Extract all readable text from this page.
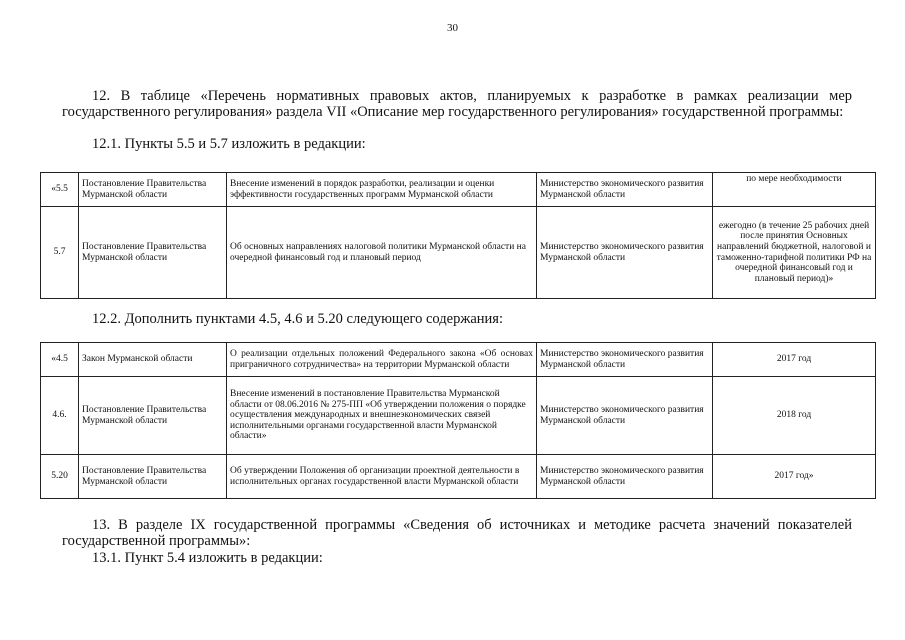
30
12. В таблице «Перечень нормативных правовых актов, планируемых к разработке в рамках реализации мер государственного регулирования» раздела VII «Описание мер государственного регулирования» государственной программы:
12.1. Пункты 5.5 и 5.7 изложить в редакции:
«5.5	Постановление Правительства Мурманской области	Внесение изменений в порядок разработки, реализации и оценки эффективности государственных программ Мурманской области	Министерство экономического развития Мурманской области	по мере необходимости
5.7	Постановление Правительства Мурманской области	Об основных направлениях налоговой политики Мурманской области на очередной финансовый год и плановый период	Министерство экономического развития Мурманской области	ежегодно (в течение 25 рабочих дней после принятия Основных направлений бюджетной, налоговой и таможенно-тарифной политики РФ на очередной финансовый год и плановый период)»
12.2. Дополнить пунктами 4.5, 4.6 и 5.20 следующего содержания:
«4.5	Закон Мурманской области	О реализации отдельных положений Федерального закона «Об основах приграничного сотрудничества» на территории Мурманской области	Министерство экономического развития Мурманской области	2017 год
4.6.	Постановление Правительства Мурманской области	Внесение изменений в постановление Правительства Мурманской области от 08.06.2016 № 275-ПП «Об утверждении положения о порядке осуществления международных и внешнеэкономических связей исполнительными органами государственной власти Мурманской области»	Министерство экономического развития Мурманской области	2018 год
5.20	Постановление Правительства Мурманской области	Об утверждении Положения об организации проектной деятельности в исполнительных органах государственной власти Мурманской области	Министерство экономического развития Мурманской области	2017 год»
13. В разделе IX государственной программы «Сведения об источниках и методике расчета значений показателей государственной программы»:
13.1. Пункт 5.4 изложить в редакции:
